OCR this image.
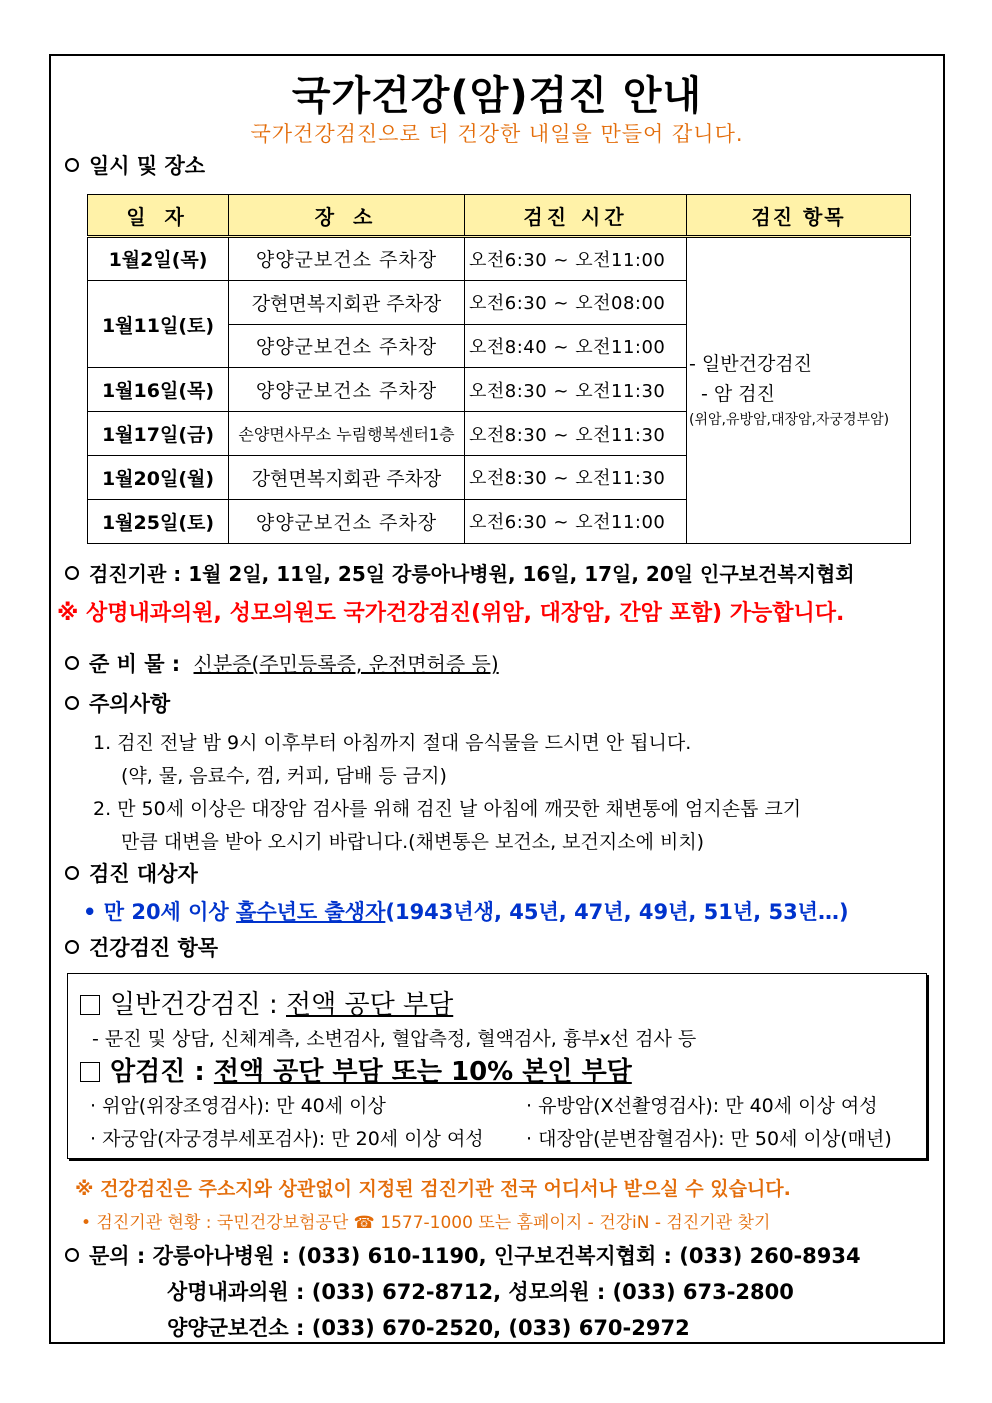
국가건강(암)검진 안내
국가건강검진으로 더 건강한 내일을 만들어 갑니다.
일시 및 장소
일 자	장 소	검진 시간	검진 항목
1월2일(목)	양양군보건소 주차장	오전6:30 ~ 오전11:00	- 일반건강검진
- 암 검진
(위암,유방암,대장암,자궁경부암)

1월11일(토)	강현면복지회관 주차장	오전6:30 ~ 오전08:00	
	양양군보건소 주차장	오전8:40 ~ 오전11:00	
1월16일(목)	양양군보건소 주차장	오전8:30 ~ 오전11:30	
1월17일(금)	손양면사무소 누림행복센터1층	오전8:30 ~ 오전11:30	
1월20일(월)	강현면복지회관 주차장	오전8:30 ~ 오전11:30	
1월25일(토)	양양군보건소 주차장	오전6:30 ~ 오전11:00	
검진기관 : 1월 2일, 11일, 25일 강릉아나병원, 16일, 17일, 20일 인구보건복지협회
※ 상명내과의원, 성모의원도 국가건강검진(위암, 대장암, 간암 포함) 가능합니다.
준 비 물 : 신분증(주민등록증, 운전면허증 등)
주의사항
1. 검진 전날 밤 9시 이후부터 아침까지 절대 음식물을 드시면 안 됩니다.
(약, 물, 음료수, 껌, 커피, 담배 등 금지)
2. 만 50세 이상은 대장암 검사를 위해 검진 날 아침에 깨끗한 채변통에 엄지손톱 크기
만큼 대변을 받아 오시기 바랍니다.(채변통은 보건소, 보건지소에 비치)
검진 대상자
• 만 20세 이상 홀수년도 출생자(1943년생, 45년, 47년, 49년, 51년, 53년…)
건강검진 항목
일반건강검진 : 전액 공단 부담
- 문진 및 상담, 신체계측, 소변검사, 혈압측정, 혈액검사, 흉부x선 검사 등
암검진 : 전액 공단 부담 또는 10% 본인 부담
· 위암(위장조영검사): 만 40세 이상	· 유방암(X선촬영검사): 만 40세 이상 여성
· 자궁암(자궁경부세포검사): 만 20세 이상 여성 · 대장암(분변잠혈검사): 만 50세 이상(매년)
※ 건강검진은 주소지와 상관없이 지정된 검진기관 전국 어디서나 받으실 수 있습니다.
• 검진기관 현황 : 국민건강보험공단 ☎ 1577-1000 또는 홈페이지 - 건강iN - 검진기관 찾기
문의 : 강릉아나병원 : (033) 610-1190, 인구보건복지협회 : (033) 260-8934
상명내과의원 : (033) 672-8712, 성모의원 : (033) 673-2800
양양군보건소 : (033) 670-2520, (033) 670-2972
